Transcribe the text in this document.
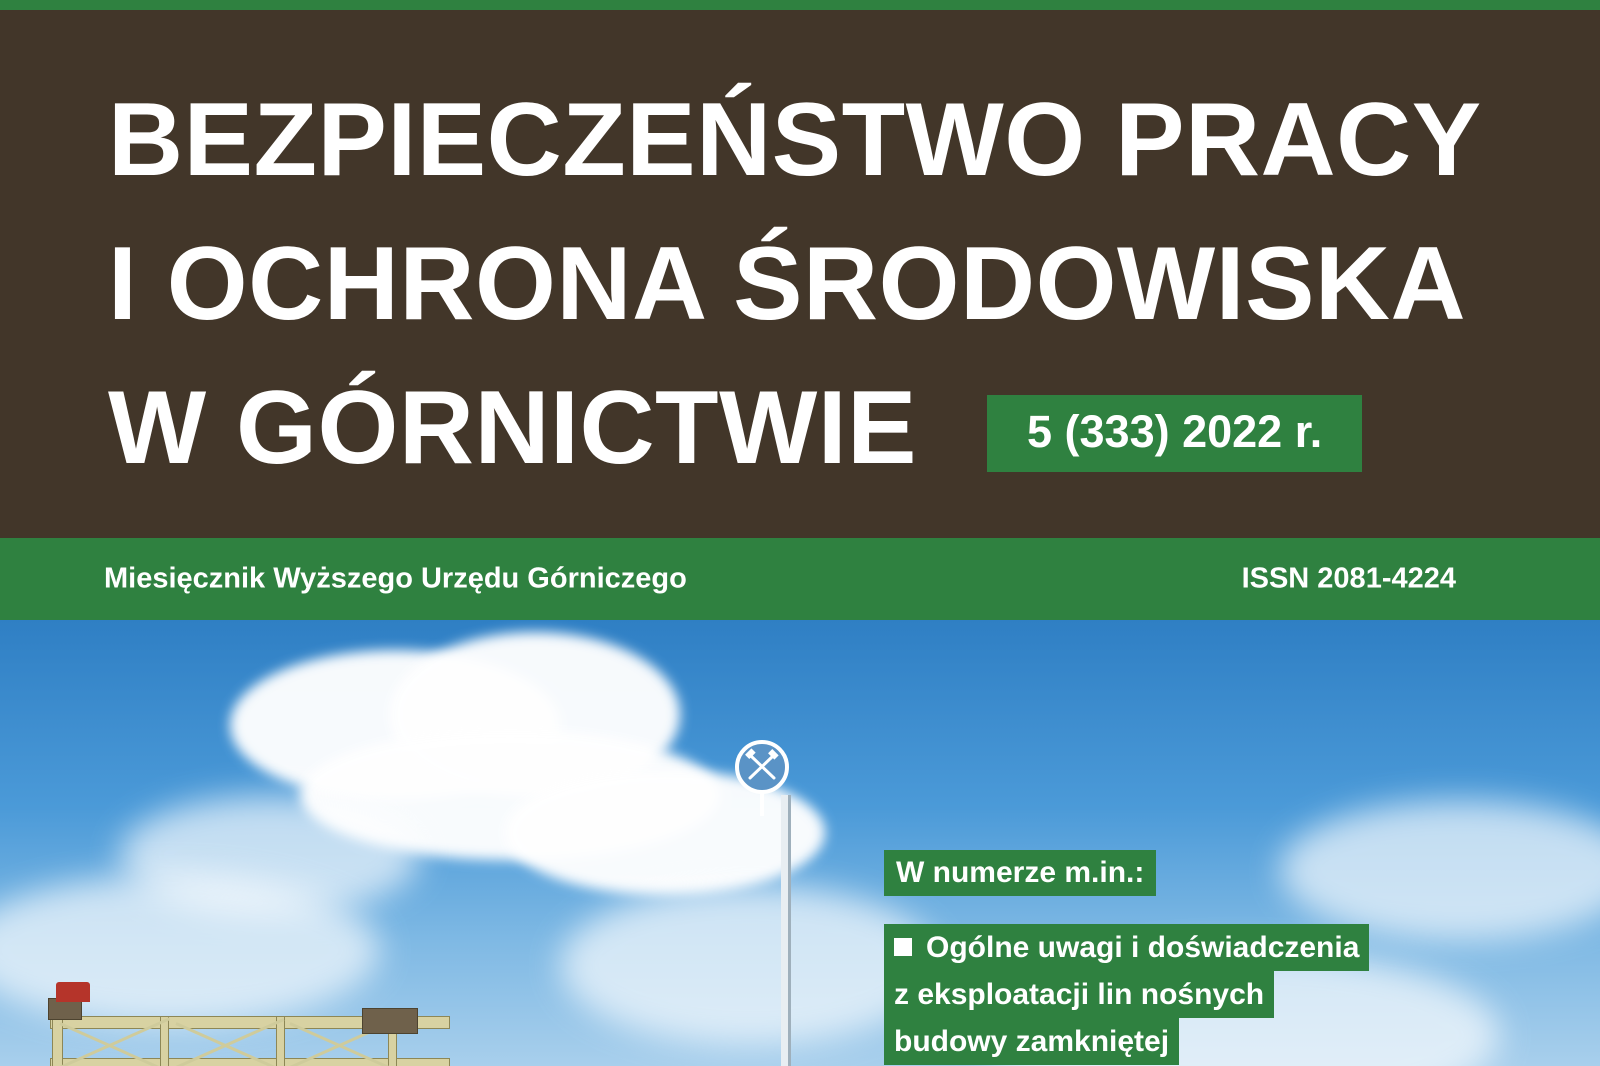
BEZPIECZEŃSTWO PRACY
I OCHRONA ŚRODOWISKA
W GÓRNICTWIE	5 (333) 2022 r.
Miesięcznik Wyższego Urzędu Górniczego	ISSN 2081-4224
W numerze m.in.:
Ogólne uwagi i doświadczenia
z eksploatacji lin nośnych
budowy zamkniętej
